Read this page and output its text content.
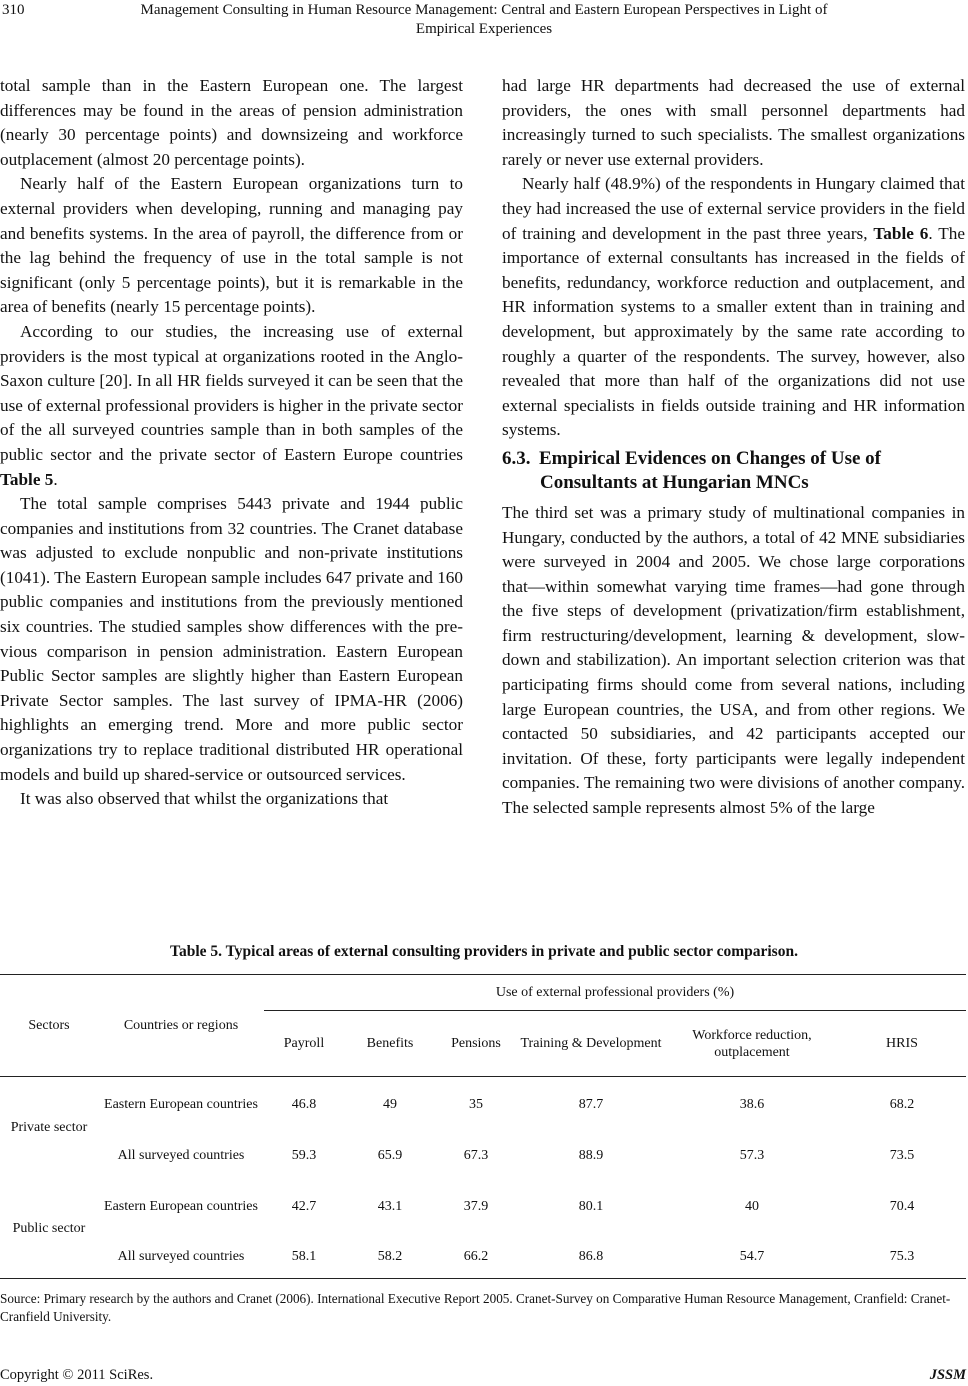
310	Management Consulting in Human Resource Management: Central and Eastern European Perspectives in Light of
Empirical Experiences

total sample than in the Eastern European one. The largest differences may be found in the areas of pension administration (nearly 30 percentage points) and downsizeing and workforce outplacement (almost 20 percentage points).

Nearly half of the Eastern European organizations turn to external providers when developing, running and managing pay and benefits systems. In the area of payroll, the difference from or the lag behind the frequency of use in the total sample is not significant (only 5 percentage points), but it is remarkable in the area of benefits (nearly 15 percentage points).

According to our studies, the increasing use of external providers is the most typical at organizations rooted in the Anglo-Saxon culture [20]. In all HR fields surveyed it can be seen that the use of external professional providers is higher in the private sector of the all surveyed countries sample than in both samples of the public sector and the private sector of Eastern Europe countries Table 5.

The total sample comprises 5443 private and 1944 public companies and institutions from 32 countries. The Cranet database was adjusted to exclude nonpublic and non-private institutions (1041). The Eastern European sample includes 647 private and 160 public companies and institutions from the previously mentioned six countries. The studied samples show differences with the previous comparison in pension administration. Eastern European Public Sector samples are slightly higher than Eastern European Private Sector samples. The last survey of IPMA-HR (2006) highlights an emerging trend. More and more public sector organizations try to replace traditional distributed HR operational models and build up shared-service or outsourced services.

It was also observed that whilst the organizations that

had large HR departments had decreased the use of external providers, the ones with small personnel departments had increasingly turned to such specialists. The smallest organizations rarely or never use external providers.

Nearly half (48.9%) of the respondents in Hungary claimed that they had increased the use of external service providers in the field of training and development in the past three years, Table 6. The importance of external consultants has increased in the fields of benefits, redundancy, workforce reduction and outplacement, and HR information systems to a smaller extent than in training and development, but approximately by the same rate according to roughly a quarter of the respondents. The survey, however, also revealed that more than half of the organizations did not use external specialists in fields outside training and HR information systems.

6.3. Empirical Evidences on Changes of Use of
Consultants at Hungarian MNCs

The third set was a primary study of multinational companies in Hungary, conducted by the authors, a total of 42 MNE subsidiaries were surveyed in 2004 and 2005. We chose large corporations that―within somewhat varying time frames―had gone through the five steps of development (privatization/firm establishment, firm restructuring/development, learning & development, slowdown and stabilization). An important selection criterion was that participating firms should come from several nations, including large European countries, the USA, and from other regions. We contacted 50 subsidiaries, and 42 participants accepted our invitation. Of these, forty participants were legally independent companies. The remaining two were divisions of another company. The selected sample represents almost 5% of the large

Table 5. Typical areas of external consulting providers in private and public sector comparison.
Sectors	Countries or regions	Use of external professional providers (%)					
		Payroll	Benefits	Pensions	Training & Development	Workforce reduction, outplacement	HRIS
Private sector	Eastern European countries	46.8	49	35	87.7	38.6	68.2
	All surveyed countries	59.3	65.9	67.3	88.9	57.3	73.5
Public sector	Eastern European countries	42.7	43.1	37.9	80.1	40	70.4
	All surveyed countries	58.1	58.2	66.2	86.8	54.7	75.3
Source: Primary research by the authors and Cranet (2006). International Executive Report 2005. Cranet-Survey on Comparative Human Resource Management, Cranfield: Cranet-Cranfield University.
Copyright © 2011 SciRes.	JSSM
